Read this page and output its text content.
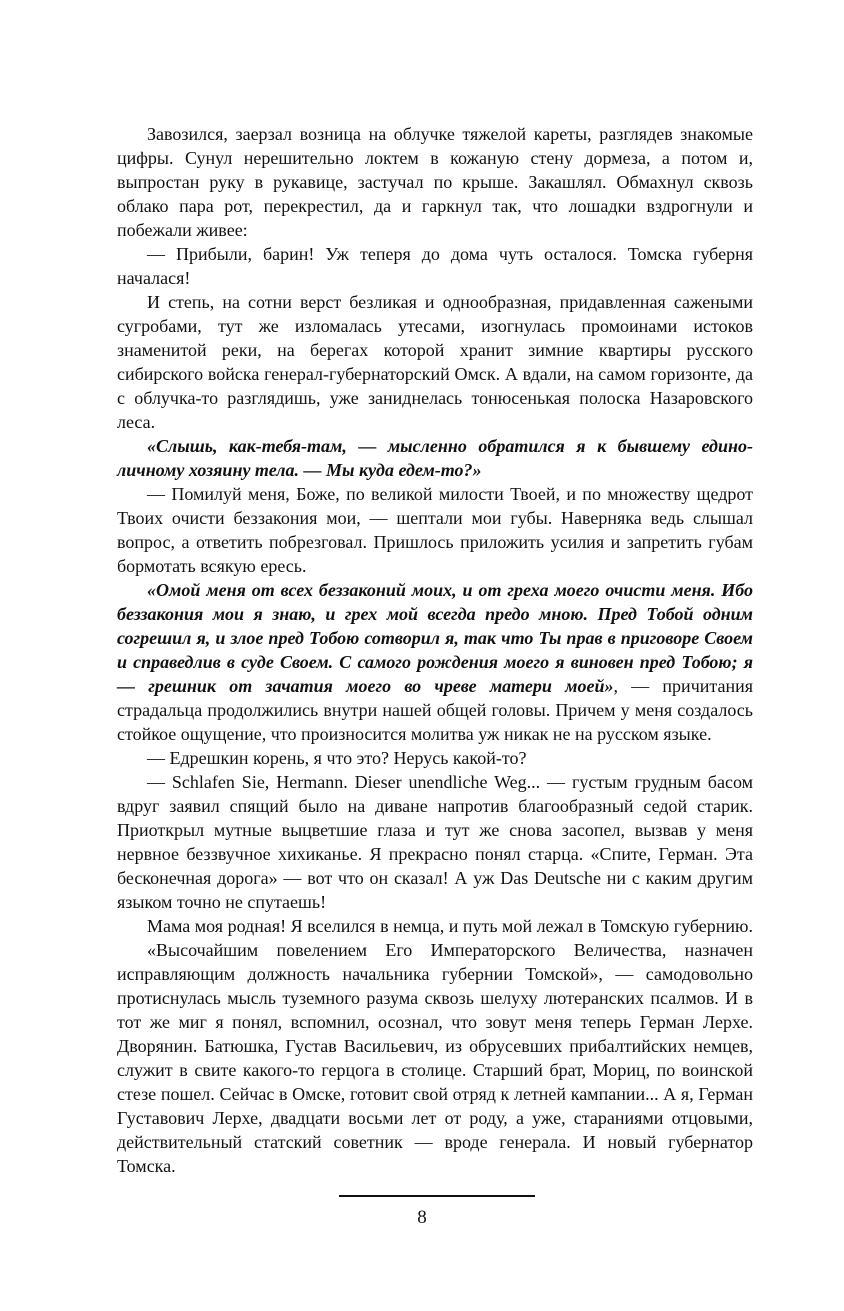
Завозился, заерзал возница на облучке тяжелой кареты, разглядев знакомые цифры. Сунул нерешительно локтем в кожаную стену дормеза, а потом и, выпростан руку в рукавице, застучал по крыше. Закашлял. Обмахнул сквозь облако пара рот, перекрестил, да и гаркнул так, что лошадки вздрогнули и побежали живее:

— Прибыли, барин! Уж теперя до дома чуть осталося. Томска губерня началася!

И степь, на сотни верст безликая и однообразная, придавленная сажеными сугробами, тут же изломалась утесами, изогнулась промоинами истоков знаменитой реки, на берегах которой хранит зимние квартиры русского сибирского войска генерал-губернаторский Омск. А вдали, на самом горизонте, да с облучка-то разглядишь, уже заниднелась тонюсенькая полоска Назаровского леса.

«Слышь, как-тебя-там, — мысленно обратился я к бывшему единоличному хозяину тела. — Мы куда едем-то?»

— Помилуй меня, Боже, по великой милости Твоей, и по множеству щедрот Твоих очисти беззакония мои, — шептали мои губы. Наверняка ведь слышал вопрос, а ответить побрезговал. Пришлось приложить усилия и запретить губам бормотать всякую ересь.

«Омой меня от всех беззаконий моих, и от греха моего очисти меня. Ибо беззакония мои я знаю, и грех мой всегда предо мною. Пред Тобой одним согрешил я, и злое пред Тобою сотворил я, так что Ты прав в приговоре Своем и справедлив в суде Своем. С самого рождения моего я виновен пред Тобою; я — грешник от зачатия моего во чреве матери моей», — причитания страдальца продолжились внутри нашей общей головы. Причем у меня создалось стойкое ощущение, что произносится молитва уж никак не на русском языке.

— Едрешкин корень, я что это? Нерусь какой-то?

— Schlafen Sie, Hermann. Dieser unendliche Weg... — густым грудным басом вдруг заявил спящий было на диване напротив благообразный седой старик. Приоткрыл мутные выцветшие глаза и тут же снова засопел, вызвав у меня нервное беззвучное хихиканье. Я прекрасно понял старца. «Спите, Герман. Эта бесконечная дорога» — вот что он сказал! А уж Das Deutsche ни с каким другим языком точно не спутаешь!

Мама моя родная! Я вселился в немца, и путь мой лежал в Томскую губернию.

«Высочайшим повелением Его Императорского Величества, назначен исправляющим должность начальника губернии Томской», — самодовольно протиснулась мысль туземного разума сквозь шелуху лютеранских псалмов. И в тот же миг я понял, вспомнил, осознал, что зовут меня теперь Герман Лерхе. Дворянин. Батюшка, Густав Васильевич, из обрусевших прибалтийских немцев, служит в свите какого-то герцога в столице. Старший брат, Мориц, по воинской стезе пошел. Сейчас в Омске, готовит свой отряд к летней кампании... А я, Герман Густавович Лерхе, двадцати восьми лет от роду, а уже, стараниями отцовыми, действительный статский советник — вроде генерала. И новый губернатор Томска.

8
